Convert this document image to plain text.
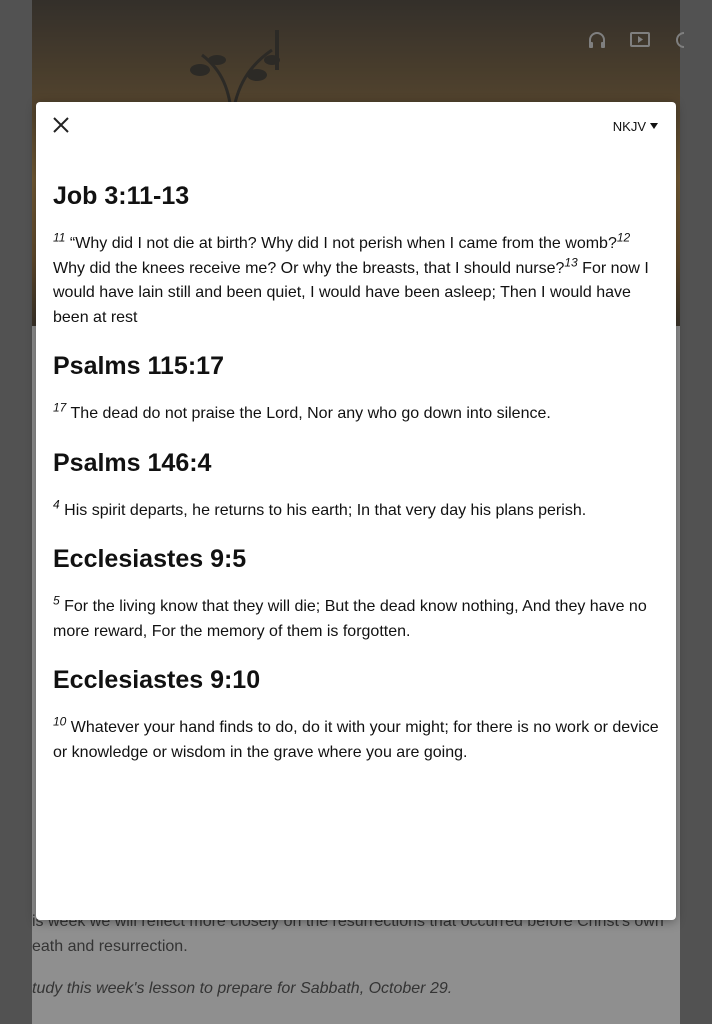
NKJV
Job 3:11-13
$^{11}$ “Why did I not die at birth? Why did I not perish when I came from the womb?$^{12}$ Why did the knees receive me? Or why the breasts, that I should nurse?$^{13}$ For now I would have lain still and been quiet, I would have been asleep; Then I would have been at rest
Psalms 115:17
$^{17}$ The dead do not praise the Lord, Nor any who go down into silence.
Psalms 146:4
$^4$ His spirit departs, he returns to his earth; In that very day his plans perish.
Ecclesiastes 9:5
$^5$ For the living know that they will die; But the dead know nothing, And they have no more reward, For the memory of them is forgotten.
Ecclesiastes 9:10
$^{10}$ Whatever your hand finds to do, do it with your might; for there is no work or device or knowledge or wisdom in the grave where you are going.
